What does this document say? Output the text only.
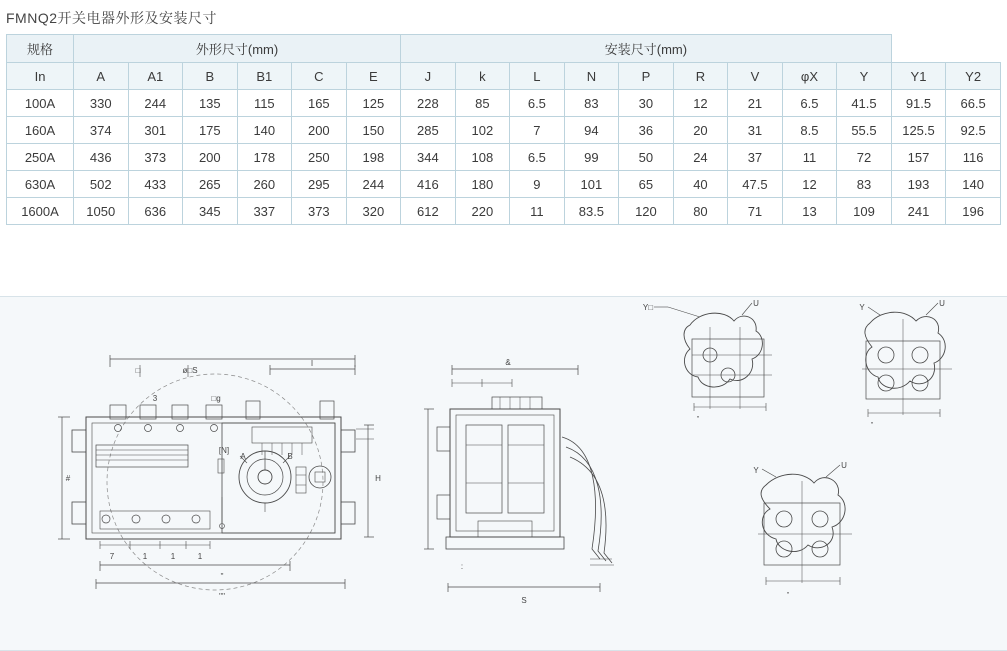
FMNQ2开关电器外形及安装尺寸
规格	外形尺寸(mm)						安装尺寸(mm)										
In	A	A1	B	B1	C	E	J	k	L	N	P	R	V	φX	Y	Y1	Y2
100A	330	244	135	115	165	125	228	85	6.5	83	30	12	21	6.5	41.5	91.5	66.5
160A	374	301	175	140	200	150	285	102	7	94	36	20	31	8.5	55.5	125.5	92.5
250A	436	373	200	178	250	198	344	108	6.5	99	50	24	37	11	72	157	116
630A	502	433	265	260	295	244	416	180	9	101	65	40	47.5	12	83	193	140
1600A	1050	636	345	337	373	320	612	220	11	83.5	120	80	71	13	109	241	196
□	ø□S
l
3	□g
[N]
A	B
#	H
7	1	1	1
''
''''
&
S
:
Y□	U
''
Y	U
''
Y
U
''
